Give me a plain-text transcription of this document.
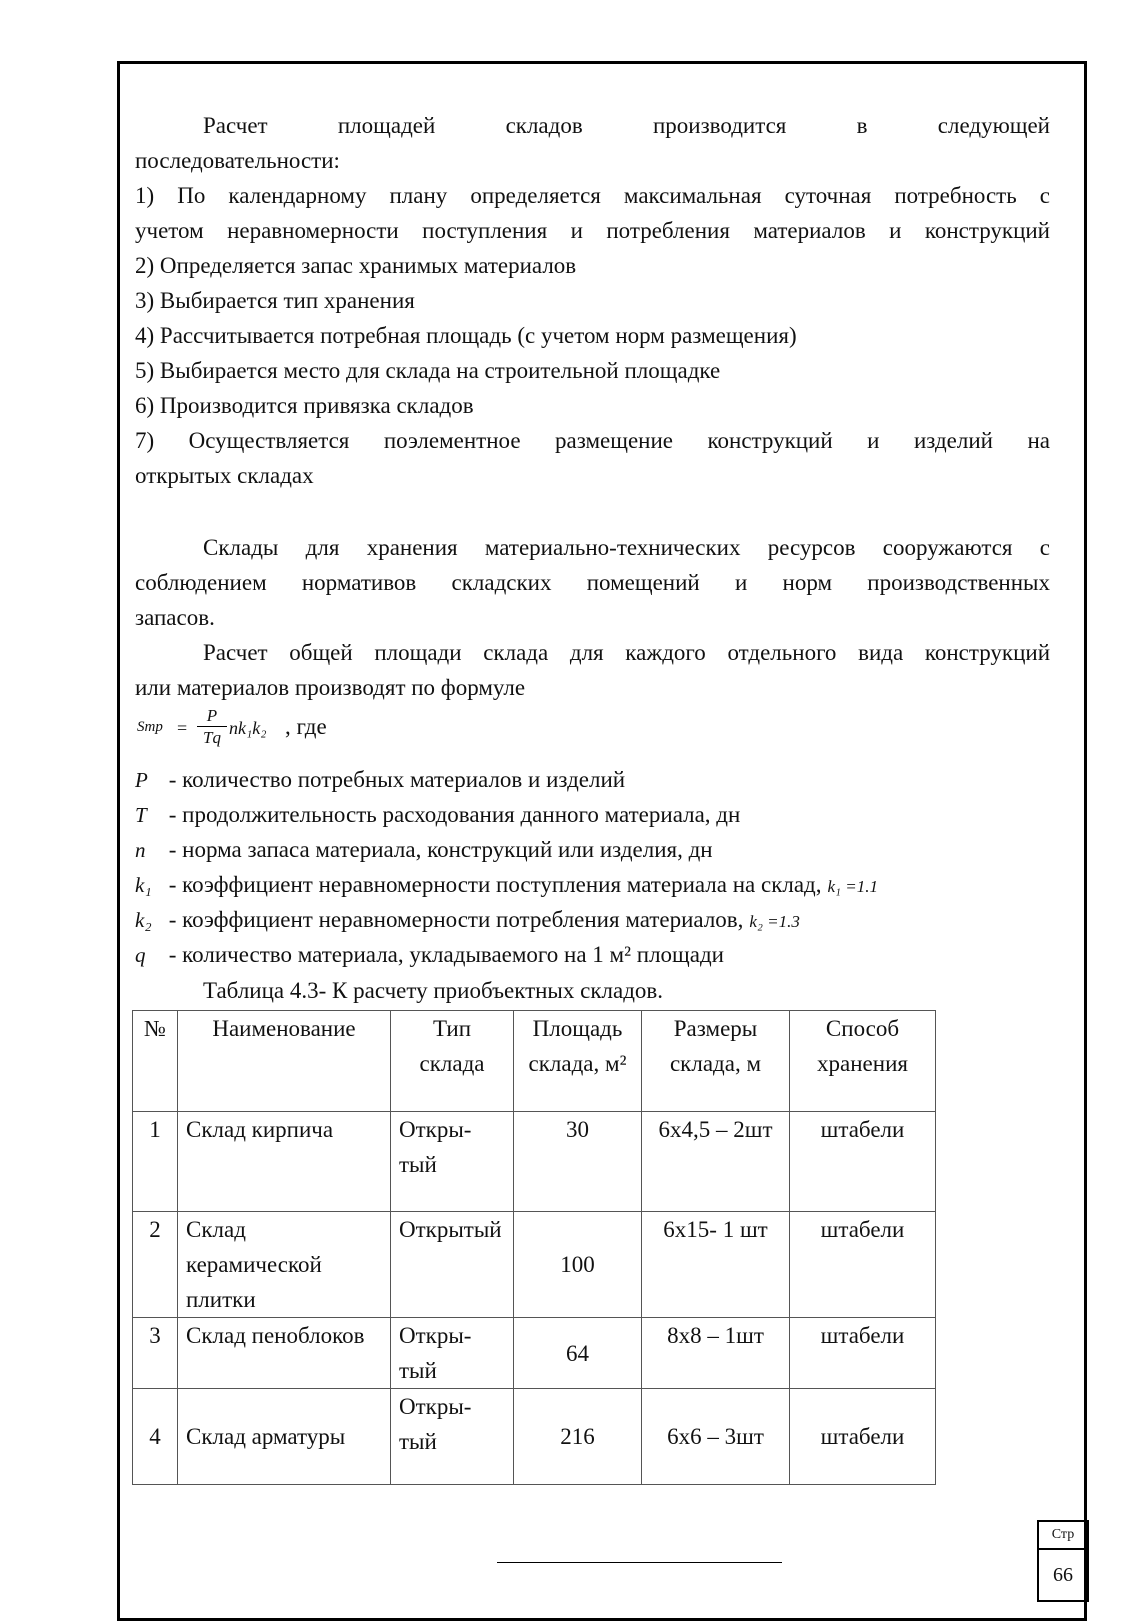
Расчет площадей складов производится в следующей
последовательности:
1) По календарному плану определяется максимальная суточная потребность с
учетом неравномерности поступления и потребления материалов и конструкций
2) Определяется запас хранимых материалов
3) Выбирается тип хранения
4) Рассчитывается потребная площадь (с учетом норм размещения)
5) Выбирается место для склада на строительной площадке
6) Производится привязка складов
7) Осуществляется поэлементное размещение конструкций и изделий на
открытых складах
Склады для хранения материально-технических ресурсов сооружаются с
соблюдением нормативов складских помещений и норм производственных
запасов.
Расчет общей площади склада для каждого отдельного вида конструкций
или материалов производят по формуле
Sтр = $\frac{P}{Tq} nk_1k_2$ , где
P - количество потребных материалов и изделий
T - продолжительность расходования данного материала, дн
n - норма запаса материала, конструкций или изделия, дн
k₁ - коэффициент неравномерности поступления материала на склад, k₁ =1.1
k₂ - коэффициент неравномерности потребления материалов, k₂ =1.3
q - количество материала, укладываемого на 1 м² площади
Таблица 4.3- К расчету приобъектных складов.
№	Наименование	Тип склада	Площадь склада, м²	Размеры склада, м	Способ хранения
1	Склад кирпича	Откры-тый	30	6х4,5 – 2шт	штабели
2	Склад керамической плитки	Открытый	100	6х15- 1 шт	штабели
3	Склад пеноблоков	Откры-тый	64	8х8 – 1шт	штабели
4	Склад арматуры	Откры-тый	216	6х6 – 3шт	штабели
Стр
66
